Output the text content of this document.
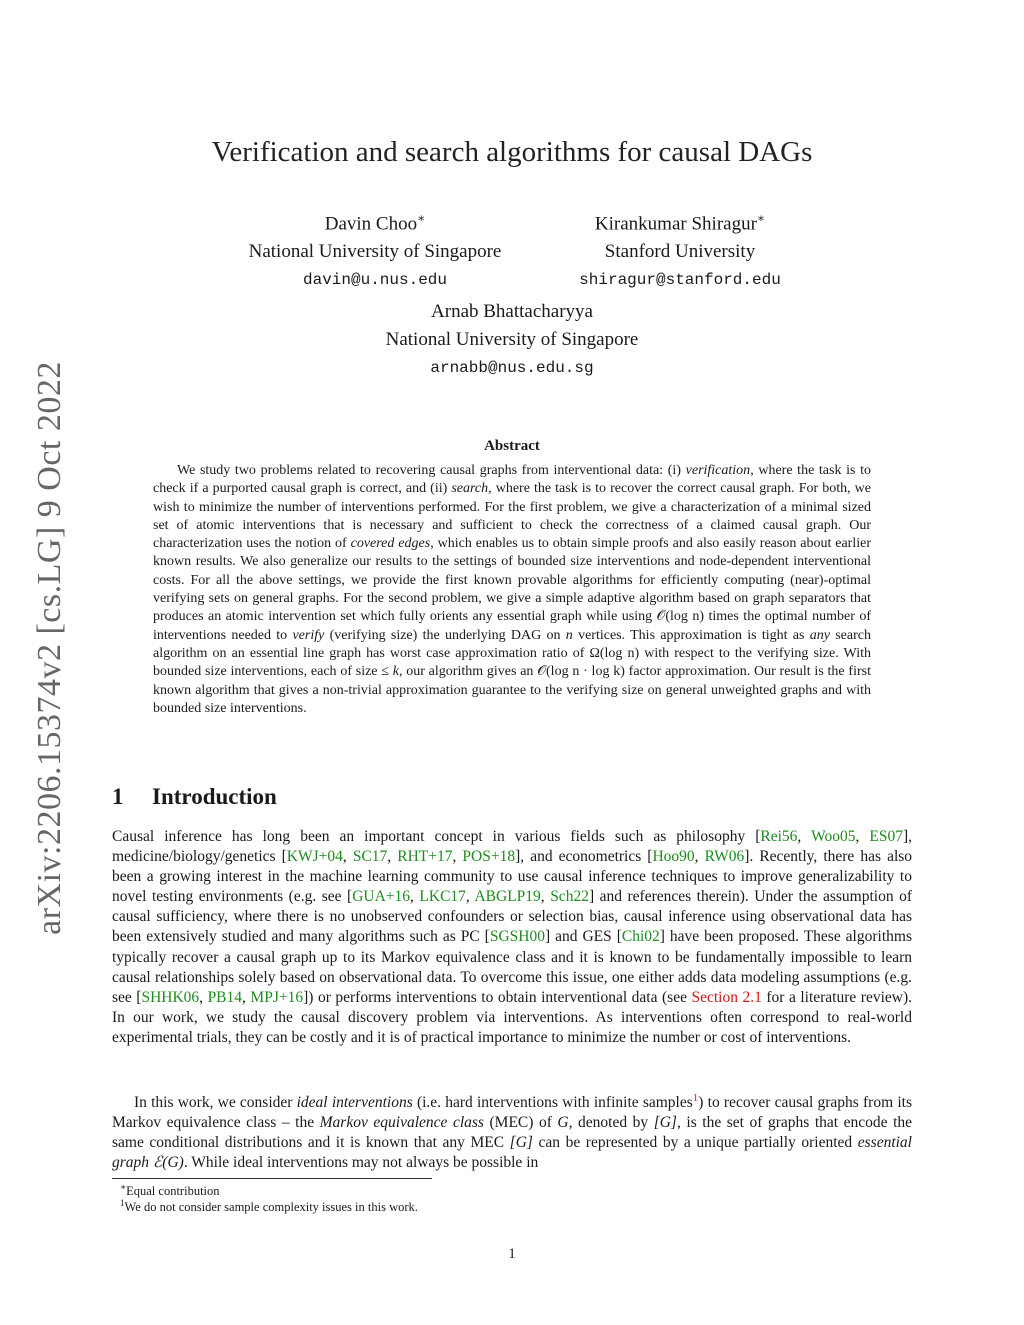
arXiv:2206.15374v2 [cs.LG] 9 Oct 2022
Verification and search algorithms for causal DAGs
Davin Choo∗
National University of Singapore
davin@u.nus.edu
Kirankumar Shiragur∗
Stanford University
shiragur@stanford.edu
Arnab Bhattacharyya
National University of Singapore
arnabb@nus.edu.sg
Abstract

We study two problems related to recovering causal graphs from interventional data: (i) verification, where the task is to check if a purported causal graph is correct, and (ii) search, where the task is to recover the correct causal graph. For both, we wish to minimize the number of interventions performed. For the first problem, we give a characterization of a minimal sized set of atomic interventions that is necessary and sufficient to check the correctness of a claimed causal graph. Our characterization uses the notion of covered edges, which enables us to obtain simple proofs and also easily reason about earlier known results. We also generalize our results to the settings of bounded size interventions and node-dependent interventional costs. For all the above settings, we provide the first known provable algorithms for efficiently computing (near)-optimal verifying sets on general graphs. For the second problem, we give a simple adaptive algorithm based on graph separators that produces an atomic intervention set which fully orients any essential graph while using 𝒪(log n) times the optimal number of interventions needed to verify (verifying size) the underlying DAG on n vertices. This approximation is tight as any search algorithm on an essential line graph has worst case approximation ratio of Ω(log n) with respect to the verifying size. With bounded size interventions, each of size ≤ k, our algorithm gives an 𝒪(log n · log k) factor approximation. Our result is the first known algorithm that gives a non-trivial approximation guarantee to the verifying size on general unweighted graphs and with bounded size interventions.

1 Introduction

Causal inference has long been an important concept in various fields such as philosophy [Rei56, Woo05, ES07], medicine/biology/genetics [KWJ+04, SC17, RHT+17, POS+18], and econometrics [Hoo90, RW06]. Recently, there has also been a growing interest in the machine learning community to use causal inference techniques to improve generalizability to novel testing environments (e.g. see [GUA+16, LKC17, ABGLP19, Sch22] and references therein). Under the assumption of causal sufficiency, where there is no unobserved confounders or selection bias, causal inference using observational data has been extensively studied and many algorithms such as PC [SGSH00] and GES [Chi02] have been proposed. These algorithms typically recover a causal graph up to its Markov equivalence class and it is known to be fundamentally impossible to learn causal relationships solely based on observational data. To overcome this issue, one either adds data modeling assumptions (e.g. see [SHHK06, PB14, MPJ+16]) or performs interventions to obtain interventional data (see Section 2.1 for a literature review). In our work, we study the causal discovery problem via interventions. As interventions often correspond to real-world experimental trials, they can be costly and it is of practical importance to minimize the number or cost of interventions.

In this work, we consider ideal interventions (i.e. hard interventions with infinite samples$^1$) to recover causal graphs from its Markov equivalence class – the Markov equivalence class (MEC) of G, denoted by [G], is the set of graphs that encode the same conditional distributions and it is known that any MEC [G] can be represented by a unique partially oriented essential graph ℰ(G). While ideal interventions may not always be possible in

∗Equal contribution
$^1$We do not consider sample complexity issues in this work.
1
